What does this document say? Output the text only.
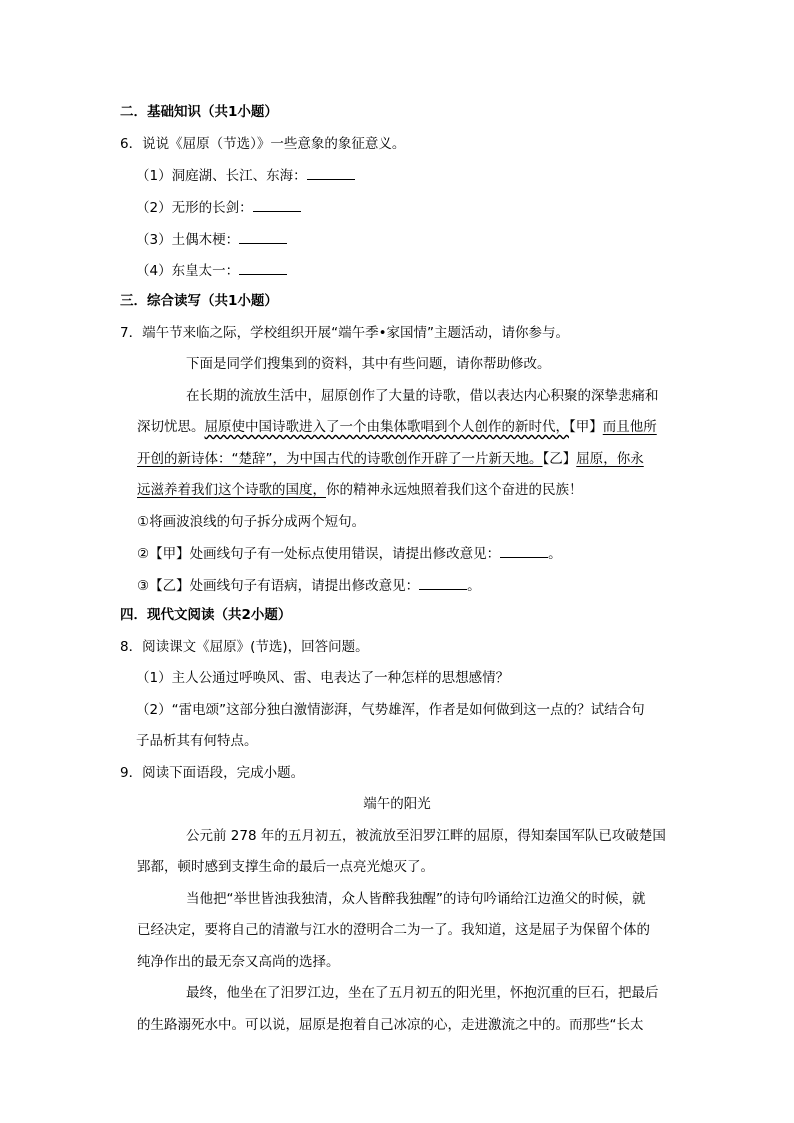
二．基础知识（共1小题）
6．说说《屈原（节选）》一些意象的象征意义。
（1）洞庭湖、长江、东海：
（2）无形的长剑：
（3）土偶木梗：
（4）东皇太一：
三．综合读写（共1小题）
7．端午节来临之际，学校组织开展“端午季•家国情”主题活动，请你参与。
下面是同学们搜集到的资料，其中有些问题，请你帮助修改。
在长期的流放生活中，屈原创作了大量的诗歌，借以表达内心积聚的深挚悲痛和
深切忧思。屈原使中国诗歌进入了一个由集体歌唱到个人创作的新时代，【甲】而且他所
开创的新诗体：“楚辞”，为中国古代的诗歌创作开辟了一片新天地。【乙】屈原，你永
远滋养着我们这个诗歌的国度，你的精神永远烛照着我们这个奋进的民族！
①将画波浪线的句子拆分成两个短句。
②【甲】处画线句子有一处标点使用错误，请提出修改意见：	。
③【乙】处画线句子有语病，请提出修改意见：	。
四．现代文阅读（共2小题）
8．阅读课文《屈原》(节选)，回答问题。
（1）主人公通过呼唤风、雷、电表达了一种怎样的思想感情？
（2）“雷电颂”这部分独白激情澎湃，气势雄浑，作者是如何做到这一点的？试结合句
子品析其有何特点。
9．阅读下面语段，完成小题。
端午的阳光
公元前 278 年的五月初五，被流放至汨罗江畔的屈原，得知秦国军队已攻破楚国
郢都，顿时感到支撑生命的最后一点亮光熄灭了。
当他把“举世皆浊我独清，众人皆醉我独醒”的诗句吟诵给江边渔父的时候，就
已经决定，要将自己的清澈与江水的澄明合二为一了。我知道，这是屈子为保留个体的
纯净作出的最无奈又高尚的选择。
最终，他坐在了汨罗江边，坐在了五月初五的阳光里，怀抱沉重的巨石，把最后
的生路溺死水中。可以说，屈原是抱着自己冰凉的心，走进激流之中的。而那些“长太
